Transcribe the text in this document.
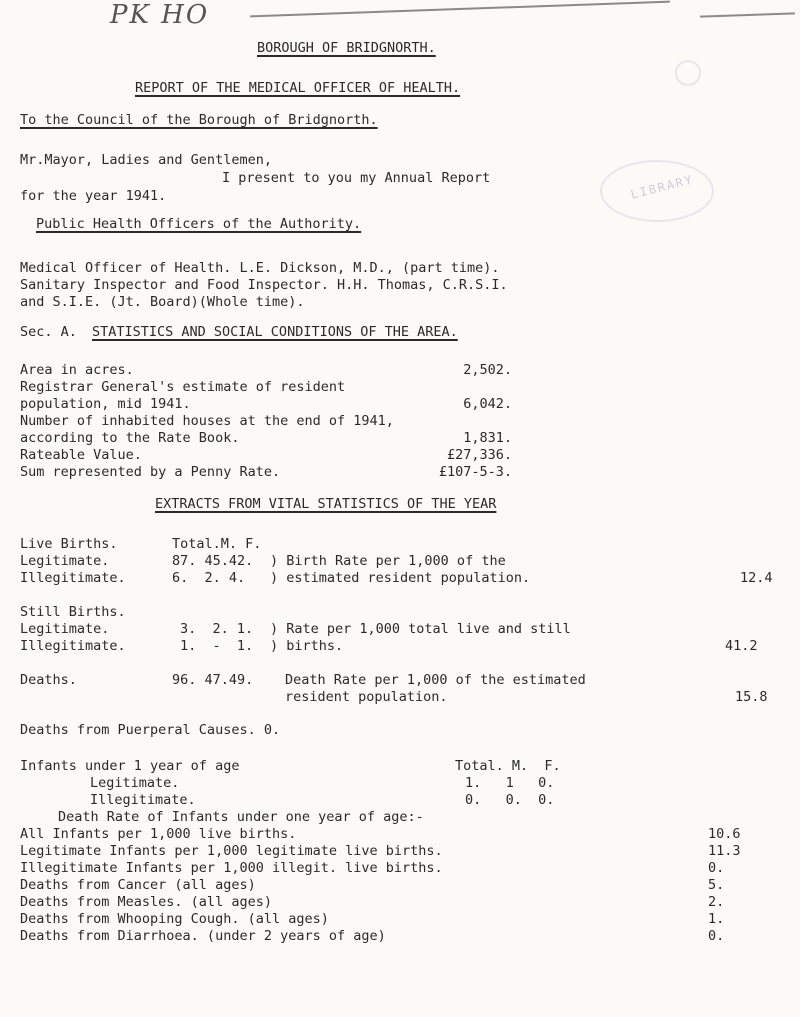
PK HO
LIBRARY
BOROUGH OF BRIDGNORTH.
REPORT OF THE MEDICAL OFFICER OF HEALTH.
To the Council of the Borough of Bridgnorth.
Mr.Mayor, Ladies and Gentlemen,
I present to you my Annual Report
for the year 1941.
Public Health Officers of the Authority.
Medical Officer of Health. L.E. Dickson, M.D., (part time).
Sanitary Inspector and Food Inspector. H.H. Thomas, C.R.S.I.
and S.I.E. (Jt. Board)(Whole time).
Sec. A. STATISTICS AND SOCIAL CONDITIONS OF THE AREA.
Area in acres.	2,502.
Registrar General's estimate of resident
population, mid 1941.	6,042.
Number of inhabited houses at the end of 1941,
according to the Rate Book.	1,831.
Rateable Value.	£27,336.
Sum represented by a Penny Rate.	£107-5-3.
EXTRACTS FROM VITAL STATISTICS OF THE YEAR
Live Births.	Total.M. F.
Legitimate.	87. 45.42. ) Birth Rate per 1,000 of the
Illegitimate.	6.  2. 4. ) estimated resident population.	12.4
Still Births.
Legitimate.	3.  2. 1. ) Rate per 1,000 total live and still
Illegitimate.	1.  -  1. ) births.	41.2
Deaths.	96. 47.49. Death Rate per 1,000 of the estimated
resident population.	15.8
Deaths from Puerperal Causes. 0.
Infants under 1 year of age	Total. M.  F.
Legitimate.	1.   1   0.
Illegitimate.	0.   0.  0.
Death Rate of Infants under one year of age:-
All Infants per 1,000 live births.	10.6
Legitimate Infants per 1,000 legitimate live births.	11.3
Illegitimate Infants per 1,000 illegit. live births.	0.
Deaths from Cancer (all ages)	5.
Deaths from Measles. (all ages)	2.
Deaths from Whooping Cough. (all ages)	1.
Deaths from Diarrhoea. (under 2 years of age)	0.
